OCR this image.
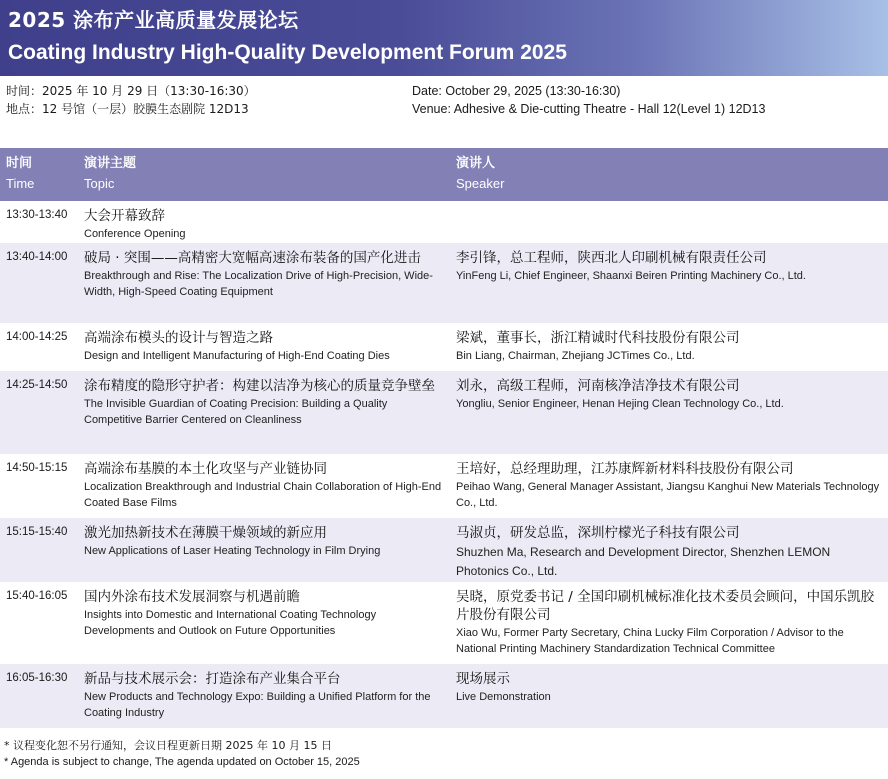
2025 涂布产业高质量发展论坛
Coating Industry High-Quality Development Forum 2025
时间：2025 年 10 月 29 日（13:30-16:30）
地点：12 号馆（一层）胶膜生态剧院 12D13
Date: October 29, 2025 (13:30-16:30)
Venue: Adhesive & Die-cutting Theatre - Hall 12(Level 1) 12D13
时间
Time
演讲主题
Topic
演讲人
Speaker
13:30-13:40 大会开幕致辞
Conference Opening
13:40-14:00 破局 · 突围——高精密大宽幅高速涂布装备的国产化进击
Breakthrough and Rise: The Localization Drive of High-Precision, Wide-Width, High-Speed Coating Equipment
李引锋，总工程师，陕西北人印刷机械有限责任公司
YinFeng Li, Chief Engineer, Shaanxi Beiren Printing Machinery Co., Ltd.
14:00-14:25 高端涂布模头的设计与智造之路
Design and Intelligent Manufacturing of High-End Coating Dies
梁斌，董事长，浙江精诚时代科技股份有限公司
Bin Liang, Chairman, Zhejiang JCTimes Co., Ltd.
14:25-14:50 涂布精度的隐形守护者：构建以洁净为核心的质量竞争壁垒
The Invisible Guardian of Coating Precision: Building a Quality Competitive Barrier Centered on Cleanliness
刘永，高级工程师，河南核净洁净技术有限公司
Yongliu, Senior Engineer, Henan Hejing Clean Technology Co., Ltd.
14:50-15:15 高端涂布基膜的本土化攻坚与产业链协同
Localization Breakthrough and Industrial Chain Collaboration of High-End Coated Base Films
王培好，总经理助理，江苏康辉新材料科技股份有限公司
Peihao Wang, General Manager Assistant, Jiangsu Kanghui New Materials Technology Co., Ltd.
15:15-15:40 激光加热新技术在薄膜干燥领域的新应用
New Applications of Laser Heating Technology in Film Drying
马淑贞，研发总监，深圳柠檬光子科技有限公司
Shuzhen Ma, Research and Development Director, Shenzhen LEMON Photonics Co., Ltd.
15:40-16:05 国内外涂布技术发展洞察与机遇前瞻
Insights into Domestic and International Coating Technology Developments and Outlook on Future Opportunities
吴晓，原党委书记 / 全国印刷机械标准化技术委员会顾问，中国乐凯胶片股份有限公司
Xiao Wu, Former Party Secretary, China Lucky Film Corporation / Advisor to the National Printing Machinery Standardization Technical Committee
16:05-16:30 新品与技术展示会：打造涂布产业集合平台
New Products and Technology Expo: Building a Unified Platform for the Coating Industry
现场展示
Live Demonstration
* 议程变化恕不另行通知，会议日程更新日期 2025 年 10 月 15 日
* Agenda is subject to change, The agenda updated on October 15, 2025
